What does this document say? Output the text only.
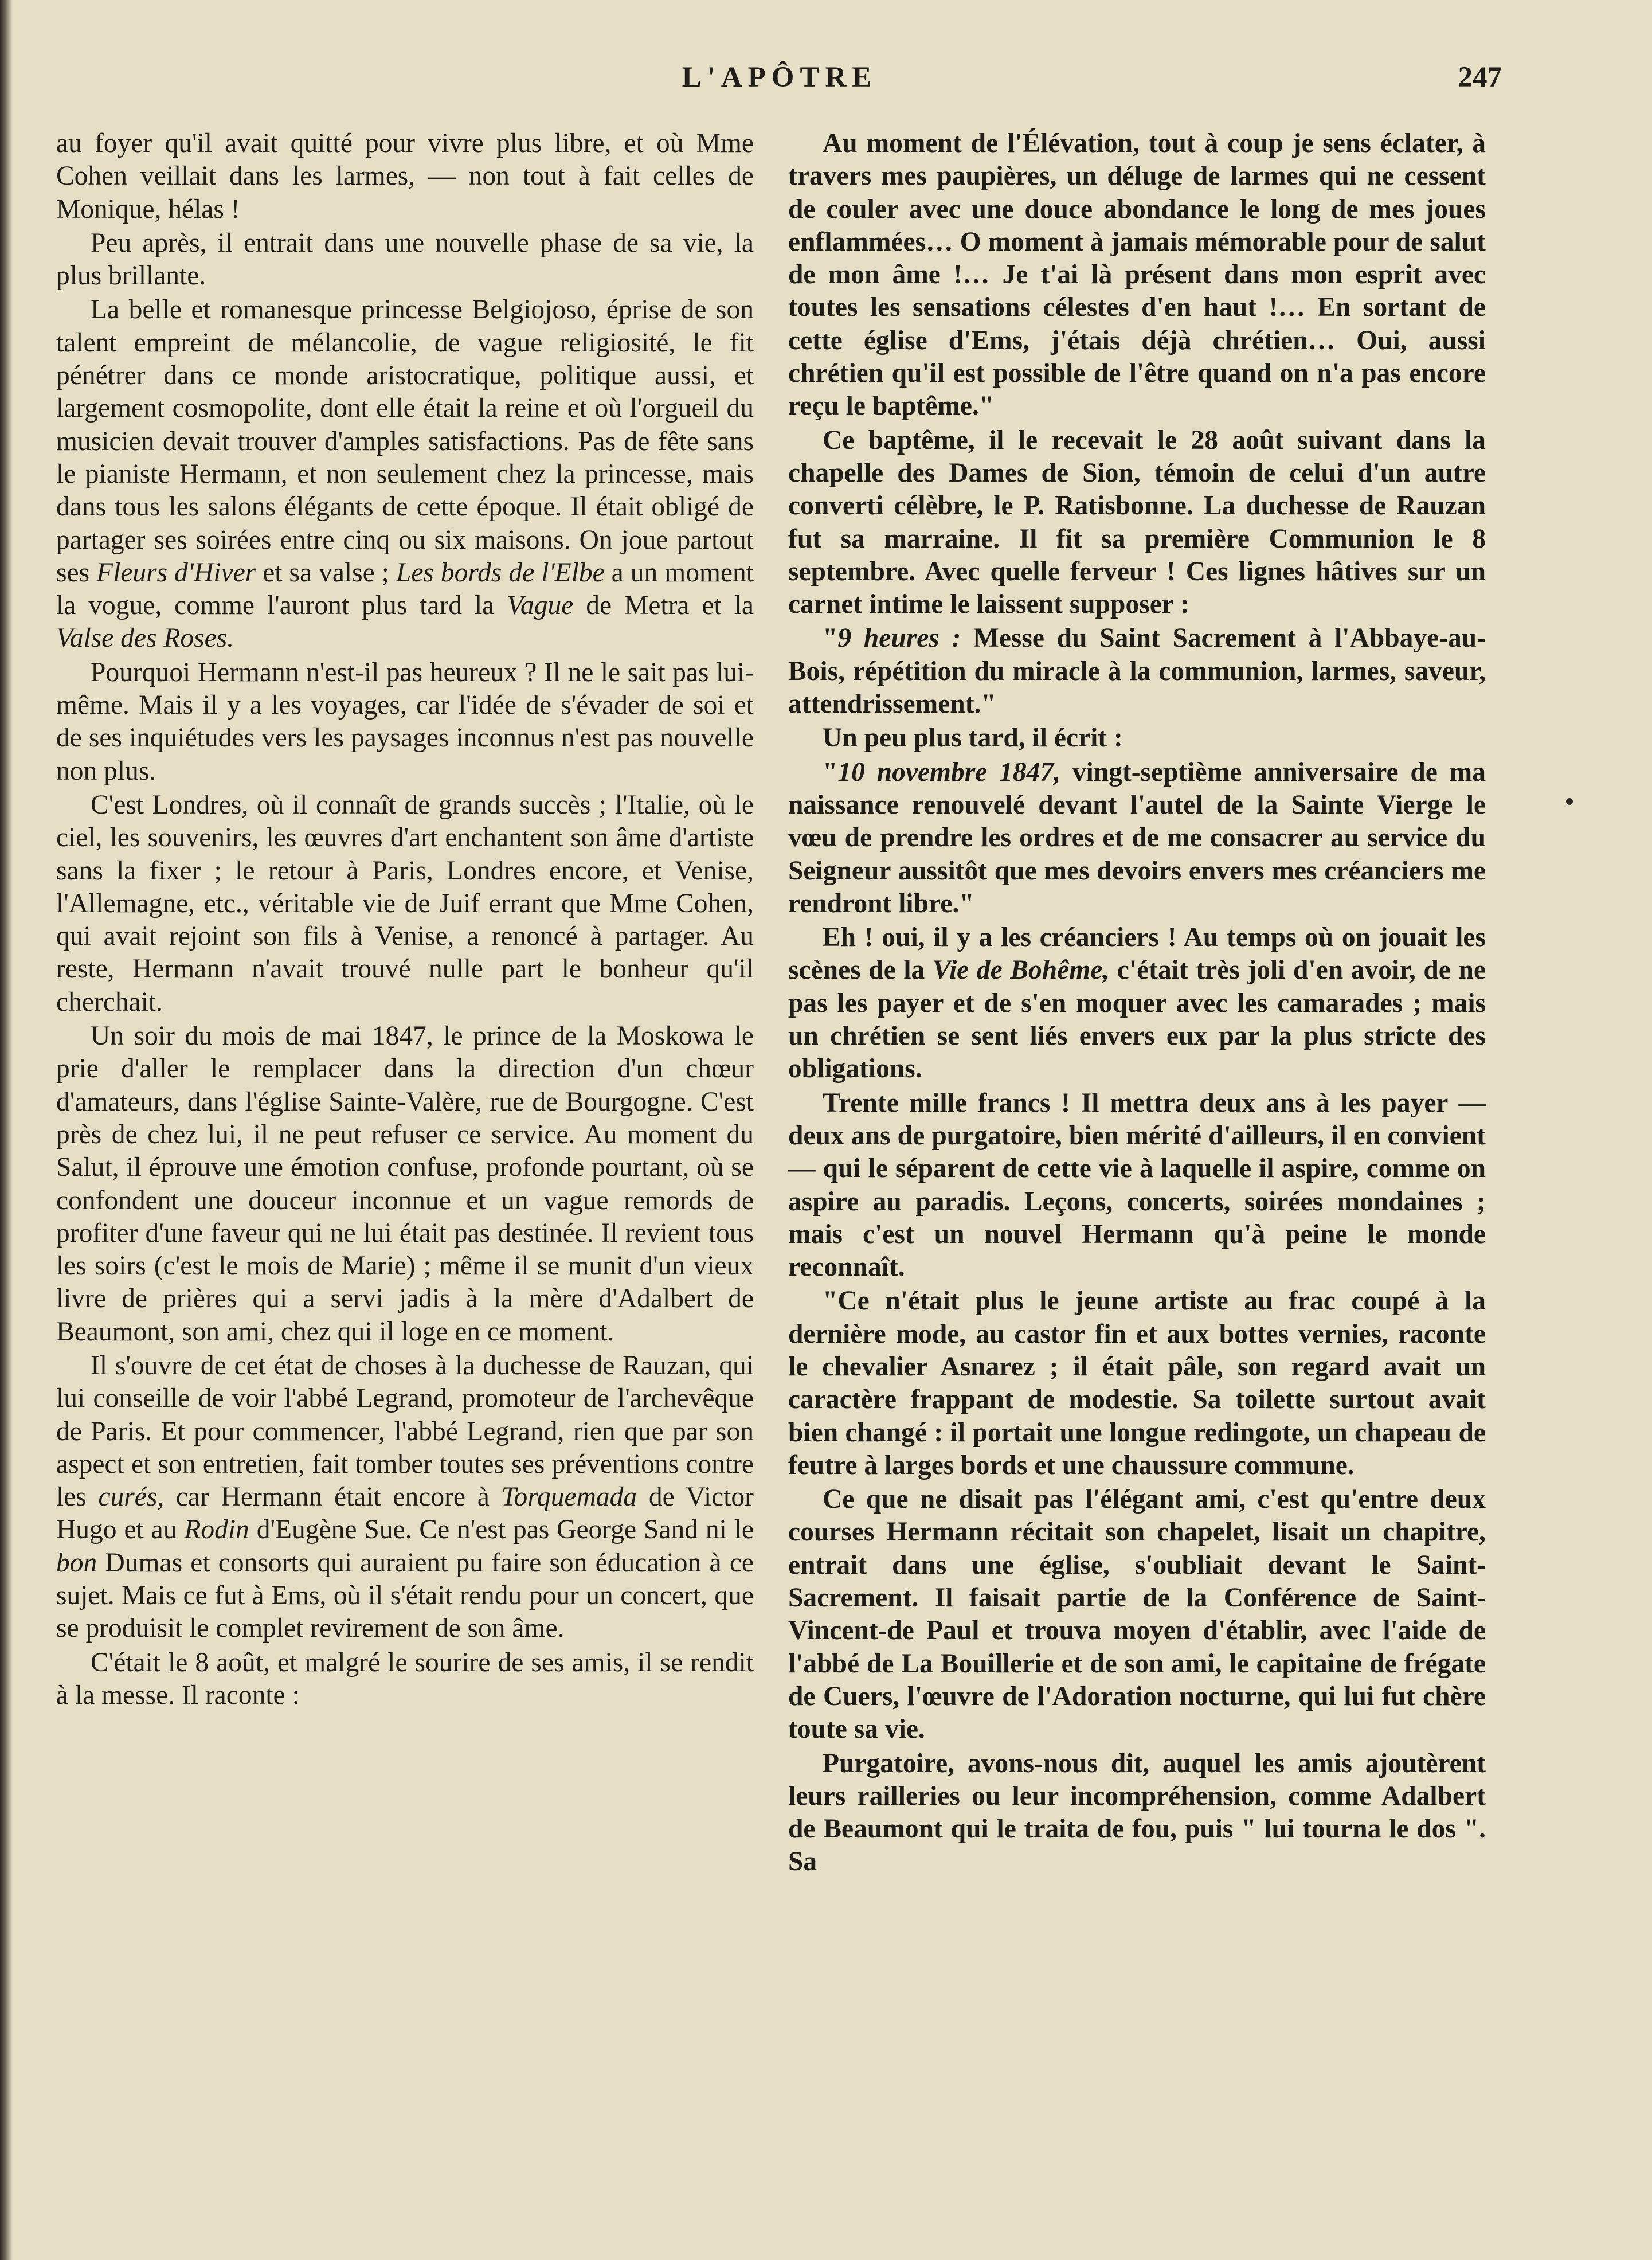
L'APÔTRE	247

au foyer qu'il avait quitté pour vivre plus libre, et où Mme Cohen veillait dans les larmes, — non tout à fait celles de Monique, hélas !

Peu après, il entrait dans une nouvelle phase de sa vie, la plus brillante.

La belle et romanesque princesse Belgiojoso, éprise de son talent empreint de mélancolie, de vague religiosité, le fit pénétrer dans ce monde aristocratique, politique aussi, et largement cosmopolite, dont elle était la reine et où l'orgueil du musicien devait trouver d'amples satisfactions. Pas de fête sans le pianiste Hermann, et non seulement chez la princesse, mais dans tous les salons élégants de cette époque. Il était obligé de partager ses soirées entre cinq ou six maisons. On joue partout ses Fleurs d'Hiver et sa valse ; Les bords de l'Elbe a un moment la vogue, comme l'auront plus tard la Vague de Metra et la Valse des Roses.

Pourquoi Hermann n'est-il pas heureux ? Il ne le sait pas lui-même. Mais il y a les voyages, car l'idée de s'évader de soi et de ses inquiétudes vers les paysages inconnus n'est pas nouvelle non plus.

C'est Londres, où il connaît de grands succès ; l'Italie, où le ciel, les souvenirs, les œuvres d'art enchantent son âme d'artiste sans la fixer ; le retour à Paris, Londres encore, et Venise, l'Allemagne, etc., véritable vie de Juif errant que Mme Cohen, qui avait rejoint son fils à Venise, a renoncé à partager. Au reste, Hermann n'avait trouvé nulle part le bonheur qu'il cherchait.

Un soir du mois de mai 1847, le prince de la Moskowa le prie d'aller le remplacer dans la direction d'un chœur d'amateurs, dans l'église Sainte-Valère, rue de Bourgogne. C'est près de chez lui, il ne peut refuser ce service. Au moment du Salut, il éprouve une émotion confuse, profonde pourtant, où se confondent une douceur inconnue et un vague remords de profiter d'une faveur qui ne lui était pas destinée. Il revient tous les soirs (c'est le mois de Marie) ; même il se munit d'un vieux livre de prières qui a servi jadis à la mère d'Adalbert de Beaumont, son ami, chez qui il loge en ce moment.

Il s'ouvre de cet état de choses à la duchesse de Rauzan, qui lui conseille de voir l'abbé Legrand, promoteur de l'archevêque de Paris. Et pour commencer, l'abbé Legrand, rien que par son aspect et son entretien, fait tomber toutes ses préventions contre les curés, car Hermann était encore à Torquemada de Victor Hugo et au Rodin d'Eugène Sue. Ce n'est pas George Sand ni le bon Dumas et consorts qui auraient pu faire son éducation à ce sujet. Mais ce fut à Ems, où il s'était rendu pour un concert, que se produisit le complet revirement de son âme.

C'était le 8 août, et malgré le sourire de ses amis, il se rendit à la messe. Il raconte :

Au moment de l'Élévation, tout à coup je sens éclater, à travers mes paupières, un déluge de larmes qui ne cessent de couler avec une douce abondance le long de mes joues enflammées… O moment à jamais mémorable pour de salut de mon âme !… Je t'ai là présent dans mon esprit avec toutes les sensations célestes d'en haut !… En sortant de cette église d'Ems, j'étais déjà chrétien… Oui, aussi chrétien qu'il est possible de l'être quand on n'a pas encore reçu le baptême."

Ce baptême, il le recevait le 28 août suivant dans la chapelle des Dames de Sion, témoin de celui d'un autre converti célèbre, le P. Ratisbonne. La duchesse de Rauzan fut sa marraine. Il fit sa première Communion le 8 septembre. Avec quelle ferveur ! Ces lignes hâtives sur un carnet intime le laissent supposer :

"9 heures : Messe du Saint Sacrement à l'Abbaye-au-Bois, répétition du miracle à la communion, larmes, saveur, attendrissement."

Un peu plus tard, il écrit :

"10 novembre 1847, vingt-septième anniversaire de ma naissance renouvelé devant l'autel de la Sainte Vierge le vœu de prendre les ordres et de me consacrer au service du Seigneur aussitôt que mes devoirs envers mes créanciers me rendront libre."

Eh ! oui, il y a les créanciers ! Au temps où on jouait les scènes de la Vie de Bohême, c'était très joli d'en avoir, de ne pas les payer et de s'en moquer avec les camarades ; mais un chrétien se sent liés envers eux par la plus stricte des obligations.

Trente mille francs ! Il mettra deux ans à les payer — deux ans de purgatoire, bien mérité d'ailleurs, il en convient — qui le séparent de cette vie à laquelle il aspire, comme on aspire au paradis. Leçons, concerts, soirées mondaines ; mais c'est un nouvel Hermann qu'à peine le monde reconnaît.

"Ce n'était plus le jeune artiste au frac coupé à la dernière mode, au castor fin et aux bottes vernies, raconte le chevalier Asnarez ; il était pâle, son regard avait un caractère frappant de modestie. Sa toilette surtout avait bien changé : il portait une longue redingote, un chapeau de feutre à larges bords et une chaussure commune.

Ce que ne disait pas l'élégant ami, c'est qu'entre deux courses Hermann récitait son chapelet, lisait un chapitre, entrait dans une église, s'oubliait devant le Saint-Sacrement. Il faisait partie de la Conférence de Saint-Vincent-de Paul et trouva moyen d'établir, avec l'aide de l'abbé de La Bouillerie et de son ami, le capitaine de frégate de Cuers, l'œuvre de l'Adoration nocturne, qui lui fut chère toute sa vie.

Purgatoire, avons-nous dit, auquel les amis ajoutèrent leurs railleries ou leur incompréhension, comme Adalbert de Beaumont qui le traita de fou, puis " lui tourna le dos ". Sa
